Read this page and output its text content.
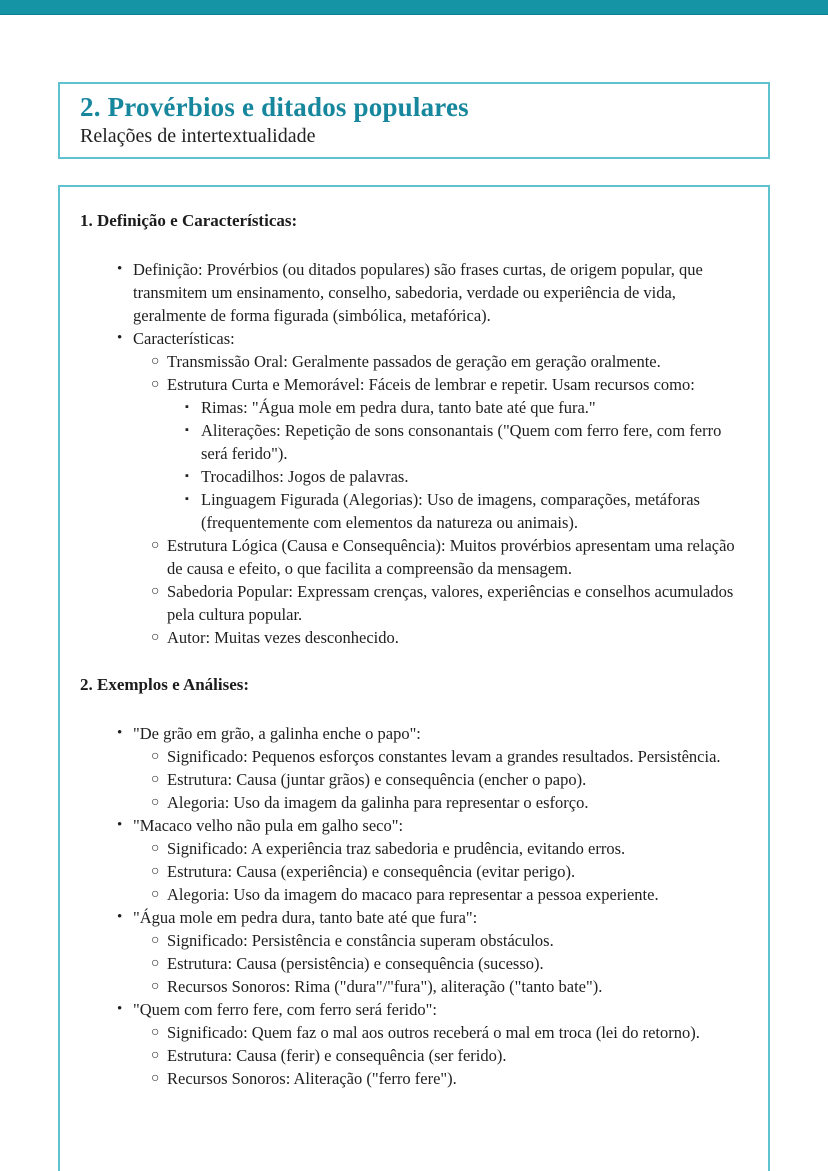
2. Provérbios e ditados populares
Relações de intertextualidade
1. Definição e Características:
• Definição: Provérbios (ou ditados populares) são frases curtas, de origem popular, que transmitem um ensinamento, conselho, sabedoria, verdade ou experiência de vida, geralmente de forma figurada (simbólica, metafórica).
• Características:
○ Transmissão Oral: Geralmente passados de geração em geração oralmente.
○ Estrutura Curta e Memorável: Fáceis de lembrar e repetir. Usam recursos como:
▪ Rimas: "Água mole em pedra dura, tanto bate até que fura."
▪ Aliterações: Repetição de sons consonantais ("Quem com ferro fere, com ferro será ferido").
▪ Trocadilhos: Jogos de palavras.
▪ Linguagem Figurada (Alegorias): Uso de imagens, comparações, metáforas (frequentemente com elementos da natureza ou animais).
○ Estrutura Lógica (Causa e Consequência): Muitos provérbios apresentam uma relação de causa e efeito, o que facilita a compreensão da mensagem.
○ Sabedoria Popular: Expressam crenças, valores, experiências e conselhos acumulados pela cultura popular.
○ Autor: Muitas vezes desconhecido.
2. Exemplos e Análises:
• "De grão em grão, a galinha enche o papo":
○ Significado: Pequenos esforços constantes levam a grandes resultados. Persistência.
○ Estrutura: Causa (juntar grãos) e consequência (encher o papo).
○ Alegoria: Uso da imagem da galinha para representar o esforço.
• "Macaco velho não pula em galho seco":
○ Significado: A experiência traz sabedoria e prudência, evitando erros.
○ Estrutura: Causa (experiência) e consequência (evitar perigo).
○ Alegoria: Uso da imagem do macaco para representar a pessoa experiente.
• "Água mole em pedra dura, tanto bate até que fura":
○ Significado: Persistência e constância superam obstáculos.
○ Estrutura: Causa (persistência) e consequência (sucesso).
○ Recursos Sonoros: Rima ("dura"/"fura"), aliteração ("tanto bate").
• "Quem com ferro fere, com ferro será ferido":
○ Significado: Quem faz o mal aos outros receberá o mal em troca (lei do retorno).
○ Estrutura: Causa (ferir) e consequência (ser ferido).
○ Recursos Sonoros: Aliteração ("ferro fere").
